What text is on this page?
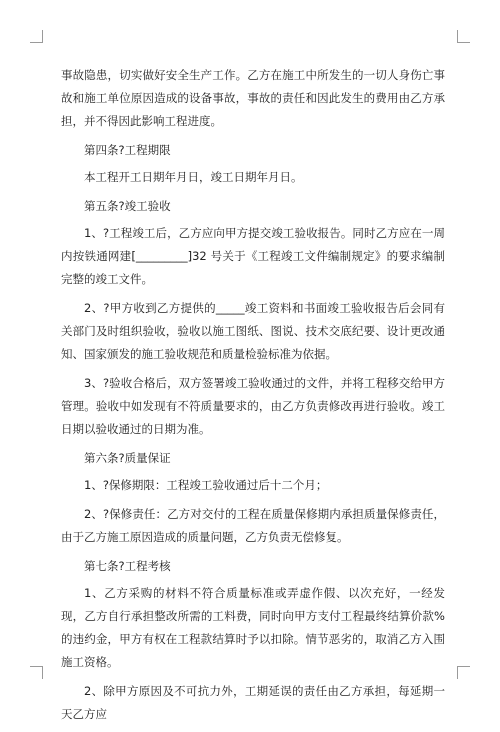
事故隐患，切实做好安全生产工作。乙方在施工中所发生的一切人身伤亡事故和施工单位原因造成的设备事故，事故的责任和因此发生的费用由乙方承担，并不得因此影响工程进度。

第四条?工程期限

本工程开工日期年月日，竣工日期年月日。

第五条?竣工验收

1、?工程竣工后，乙方应向甲方提交竣工验收报告。同时乙方应在一周内按铁通网建[_________]32 号关于《工程竣工文件编制规定》的要求编制完整的竣工文件。

2、?甲方收到乙方提供的_____竣工资料和书面竣工验收报告后会同有关部门及时组织验收，验收以施工图纸、图说、技术交底纪要、设计更改通知、国家颁发的施工验收规范和质量检验标准为依据。

3、?验收合格后，双方签署竣工验收通过的文件，并将工程移交给甲方管理。验收中如发现有不符质量要求的，由乙方负责修改再进行验收。竣工日期以验收通过的日期为准。

第六条?质量保证

1、?保修期限：工程竣工验收通过后十二个月；

2、?保修责任：乙方对交付的工程在质量保修期内承担质量保修责任，由于乙方施工原因造成的质量问题，乙方负责无偿修复。

第七条?工程考核

1、乙方采购的材料不符合质量标准或弄虚作假、以次充好，一经发现，乙方自行承担整改所需的工料费，同时向甲方支付工程最终结算价款%的违约金，甲方有权在工程款结算时予以扣除。情节恶劣的，取消乙方入围施工资格。

2、除甲方原因及不可抗力外，工期延误的责任由乙方承担，每延期一天乙方应
